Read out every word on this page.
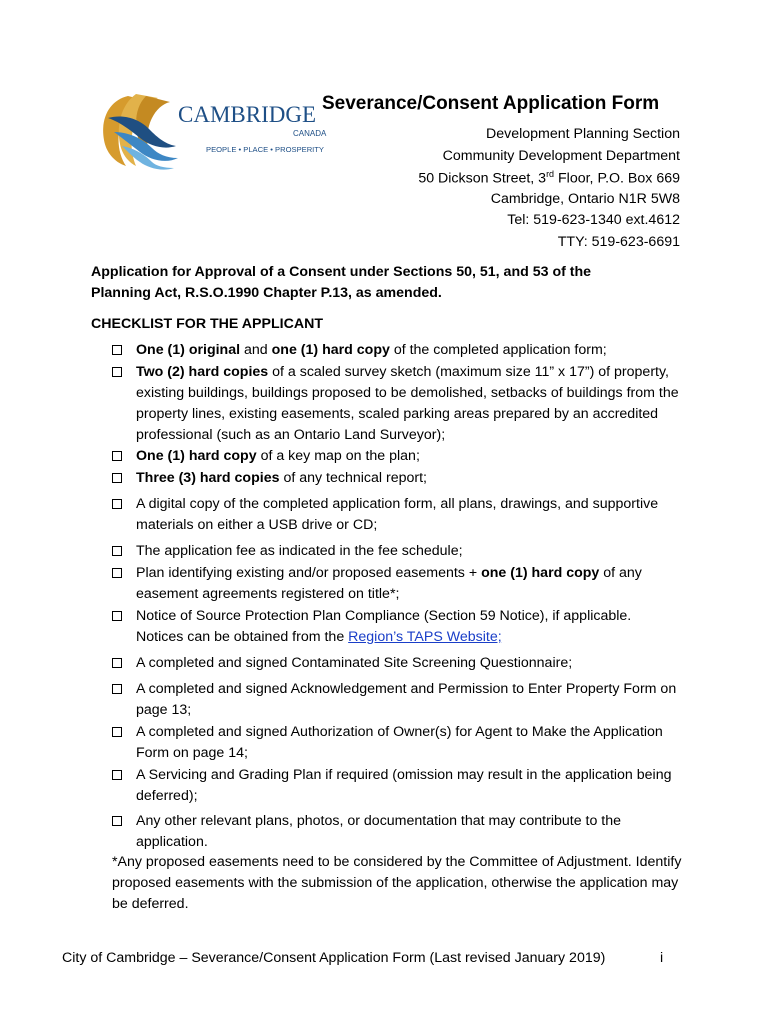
CAMBRIDGE
CANADA
PEOPLE • PLACE • PROSPERITY
Severance/Consent Application Form
Development Planning Section
Community Development Department
50 Dickson Street, 3rd Floor, P.O. Box 669
Cambridge, Ontario N1R 5W8
Tel: 519-623-1340 ext.4612
TTY: 519-623-6691
Application for Approval of a Consent under Sections 50, 51, and 53 of the Planning Act, R.S.O.1990 Chapter P.13, as amended.
CHECKLIST FOR THE APPLICANT
One (1) original and one (1) hard copy of the completed application form;
Two (2) hard copies of a scaled survey sketch (maximum size 11” x 17”) of property, existing buildings, buildings proposed to be demolished, setbacks of buildings from the property lines, existing easements, scaled parking areas prepared by an accredited professional (such as an Ontario Land Surveyor);
One (1) hard copy of a key map on the plan;
Three (3) hard copies of any technical report;
A digital copy of the completed application form, all plans, drawings, and supportive materials on either a USB drive or CD;
The application fee as indicated in the fee schedule;
Plan identifying existing and/or proposed easements + one (1) hard copy of any easement agreements registered on title*;
Notice of Source Protection Plan Compliance (Section 59 Notice), if applicable. Notices can be obtained from the Region’s TAPS Website;
A completed and signed Contaminated Site Screening Questionnaire;
A completed and signed Acknowledgement and Permission to Enter Property Form on page 13;
A completed and signed Authorization of Owner(s) for Agent to Make the Application Form on page 14;
A Servicing and Grading Plan if required (omission may result in the application being deferred);
Any other relevant plans, photos, or documentation that may contribute to the application.
*Any proposed easements need to be considered by the Committee of Adjustment. Identify proposed easements with the submission of the application, otherwise the application may be deferred.
City of Cambridge – Severance/Consent Application Form (Last revised January 2019)	i
